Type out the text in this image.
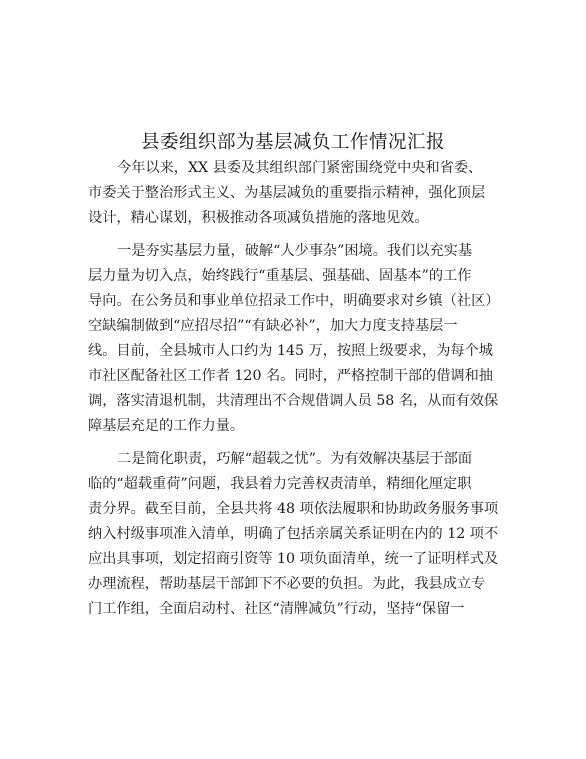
县委组织部为基层减负工作情况汇报

今年以来，XX 县委及其组织部门紧密围绕党中央和省委、

市委关于整治形式主义、为基层减负的重要指示精神，强化顶层

设计，精心谋划，积极推动各项减负措施的落地见效。

一是夯实基层力量，破解“人少事杂”困境。我们以充实基

层力量为切入点，始终践行“重基层、强基础、固基本”的工作

导向。在公务员和事业单位招录工作中，明确要求对乡镇（社区）

空缺编制做到“应招尽招”“有缺必补”，加大力度支持基层一

线。目前，全县城市人口约为 145 万，按照上级要求，为每个城

市社区配备社区工作者 120 名。同时，严格控制干部的借调和抽

调，落实清退机制，共清理出不合规借调人员 58 名，从而有效保

障基层充足的工作力量。

二是简化职责，巧解“超载之忧”。为有效解决基层于部面

临的“超载重荷”问题，我县着力完善权责清单，精细化厘定职

责分界。截至目前，全县共将 48 项依法履职和协助政务服务事项

纳入村级事项准入清单，明确了包括亲属关系证明在内的 12 项不

应出具事项，划定招商引资等 10 项负面清单，统一了证明样式及

办理流程，帮助基层干部卸下不必要的负担。为此，我县成立专

门工作组，全面启动村、社区“清牌减负”行动，坚持“保留一
